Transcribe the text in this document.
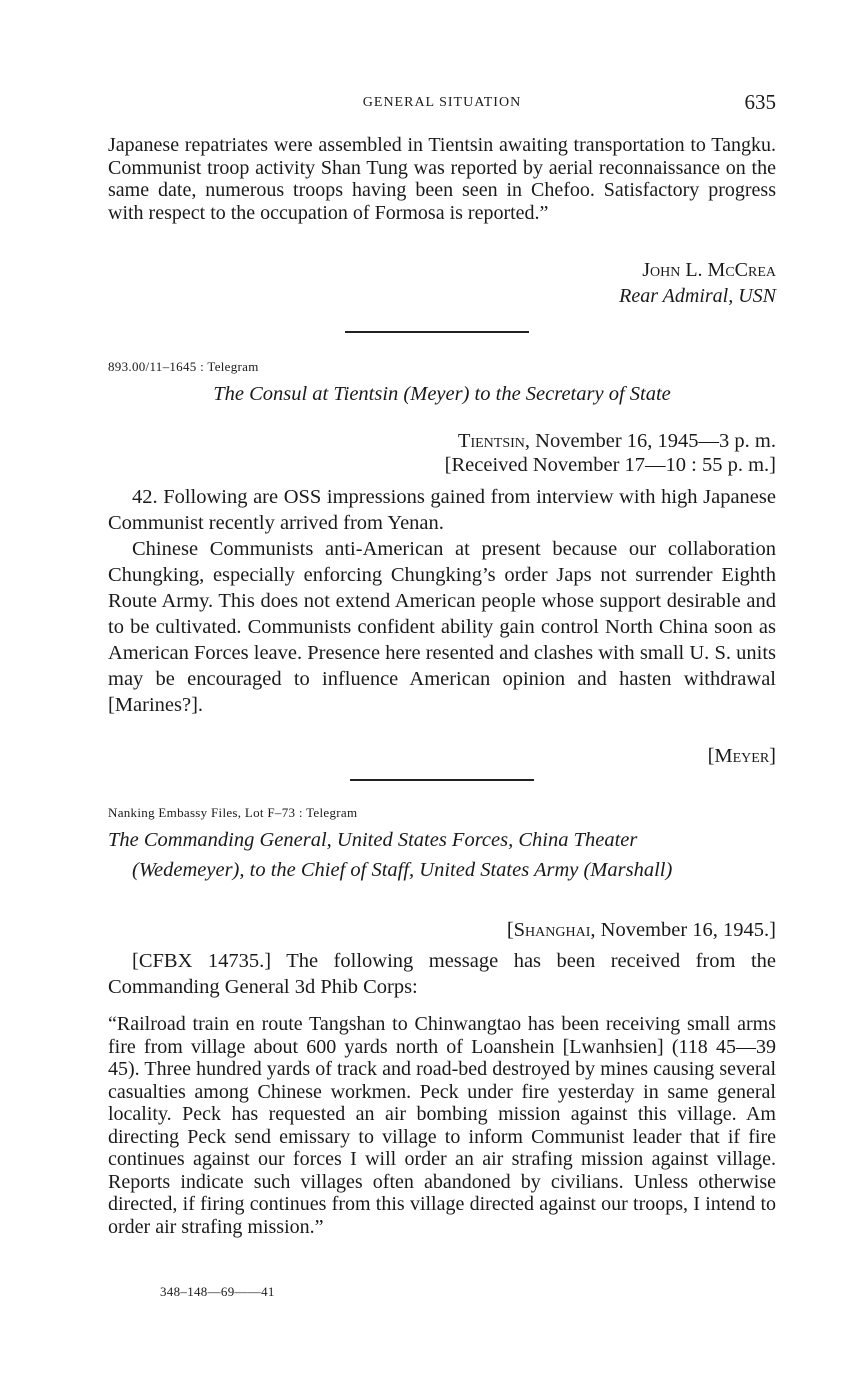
GENERAL SITUATION	635

Japanese repatriates were assembled in Tientsin awaiting transportation to Tangku. Communist troop activity Shan Tung was reported by aerial reconnaissance on the same date, numerous troops having been seen in Chefoo. Satisfactory progress with respect to the occupation of Formosa is reported.”

John L. McCrea
Rear Admiral, USN
893.00/11–1645 : Telegram
The Consul at Tientsin (Meyer) to the Secretary of State
Tientsin, November 16, 1945—3 p. m.
[Received November 17—10 : 55 p. m.]

42. Following are OSS impressions gained from interview with high Japanese Communist recently arrived from Yenan.

Chinese Communists anti-American at present because our collaboration Chungking, especially enforcing Chungking’s order Japs not surrender Eighth Route Army. This does not extend American people whose support desirable and to be cultivated. Communists confident ability gain control North China soon as American Forces leave. Presence here resented and clashes with small U. S. units may be encouraged to influence American opinion and hasten withdrawal [Marines?].

[Meyer]
Nanking Embassy Files, Lot F–73 : Telegram
The Commanding General, United States Forces, China Theater
(Wedemeyer), to the Chief of Staff, United States Army (Marshall)
[Shanghai, November 16, 1945.]

[CFBX 14735.] The following message has been received from the Commanding General 3d Phib Corps:

“Railroad train en route Tangshan to Chinwangtao has been receiving small arms fire from village about 600 yards north of Loanshein [Lwanhsien] (118 45—39 45). Three hundred yards of track and road-bed destroyed by mines causing several casualties among Chinese workmen. Peck under fire yesterday in same general locality. Peck has requested an air bombing mission against this village. Am directing Peck send emissary to village to inform Communist leader that if fire continues against our forces I will order an air strafing mission against village. Reports indicate such villages often abandoned by civilians. Unless otherwise directed, if firing continues from this village directed against our troops, I intend to order air strafing mission.”

348–148—69——41
